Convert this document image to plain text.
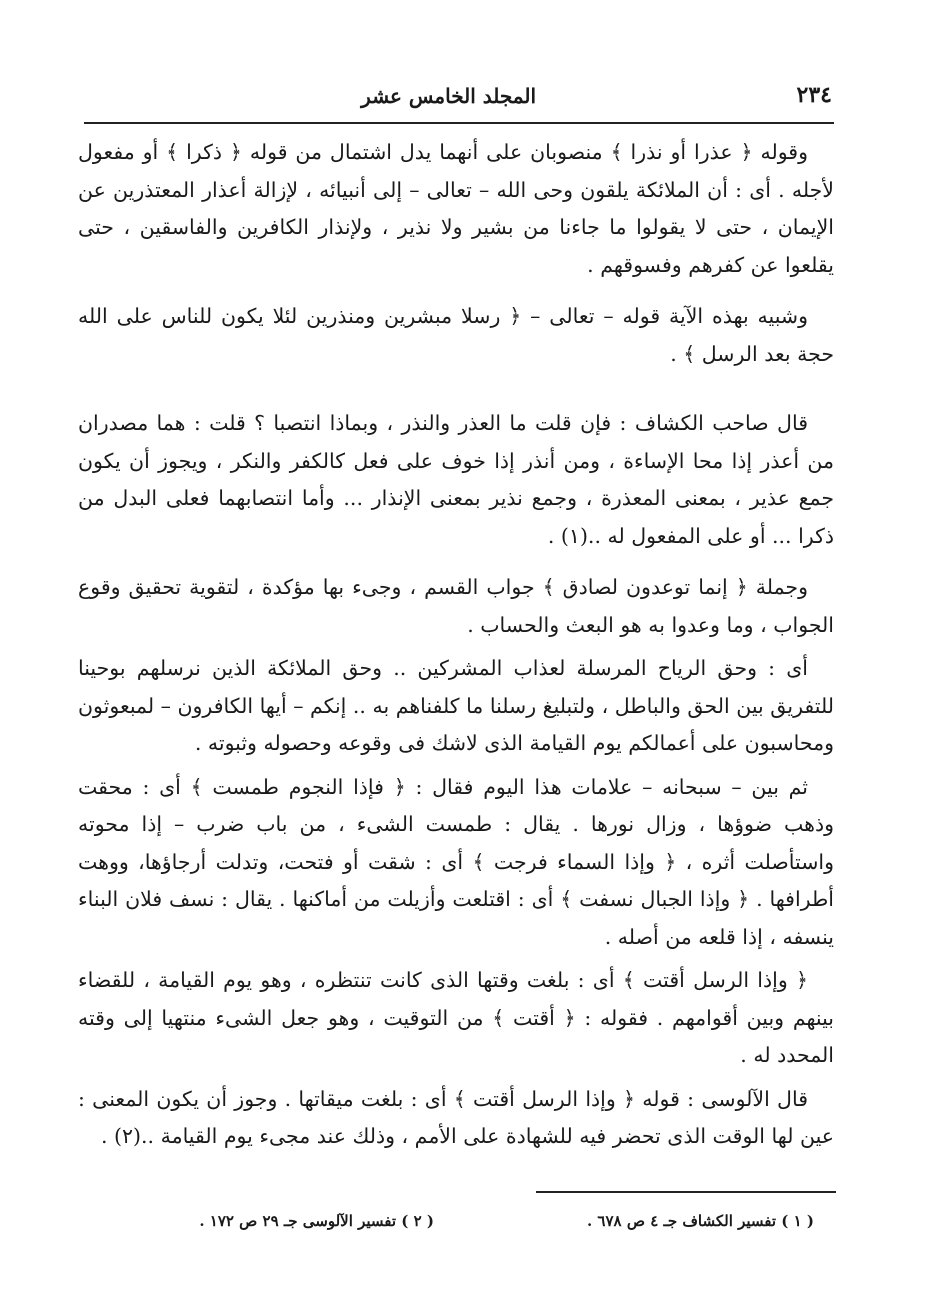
٢٣٤
المجلد الخامس عشر

وقوله ﴿ عذرا أو نذرا ﴾ منصوبان على أنهما يدل اشتمال من قوله ﴿ ذكرا ﴾ أو مفعول لأجله . أى : أن الملائكة يلقون وحى الله – تعالى – إلى أنبيائه ، لإزالة أعذار المعتذرين عن الإيمان ، حتى لا يقولوا ما جاءنا من بشير ولا نذير ، ولإنذار الكافرين والفاسقين ، حتى يقلعوا عن كفرهم وفسوقهم .

وشبيه بهذه الآية قوله – تعالى – ﴿ رسلا مبشرين ومنذرين لئلا يكون للناس على الله حجة بعد الرسل ﴾ .

قال صاحب الكشاف : فإن قلت ما العذر والنذر ، وبماذا انتصبا ؟ قلت : هما مصدران من أعذر إذا محا الإساءة ، ومن أنذر إذا خوف على فعل كالكفر والنكر ، ويجوز أن يكون جمع عذير ، بمعنى المعذرة ، وجمع نذير بمعنى الإنذار ... وأما انتصابهما فعلى البدل من ذكرا ... أو على المفعول له ..(١) .

وجملة ﴿ إنما توعدون لصادق ﴾ جواب القسم ، وجىء بها مؤكدة ، لتقوية تحقيق وقوع الجواب ، وما وعدوا به هو البعث والحساب .

أى : وحق الرياح المرسلة لعذاب المشركين .. وحق الملائكة الذين نرسلهم بوحينا للتفريق بين الحق والباطل ، ولتبليغ رسلنا ما كلفناهم به .. إنكم – أيها الكافرون – لمبعوثون ومحاسبون على أعمالكم يوم القيامة الذى لاشك فى وقوعه وحصوله وثبوته .

ثم بين – سبحانه – علامات هذا اليوم فقال : ﴿ فإذا النجوم طمست ﴾ أى : محقت وذهب ضوؤها ، وزال نورها . يقال : طمست الشىء ، من باب ضرب – إذا محوته واستأصلت أثره ، ﴿ وإذا السماء فرجت ﴾ أى : شقت أو فتحت، وتدلت أرجاؤها، ووهت أطرافها . ﴿ وإذا الجبال نسفت ﴾ أى : اقتلعت وأزيلت من أماكنها . يقال : نسف فلان البناء ينسفه ، إذا قلعه من أصله .

﴿ وإذا الرسل أقتت ﴾ أى : بلغت وقتها الذى كانت تنتظره ، وهو يوم القيامة ، للقضاء بينهم وبين أقوامهم . فقوله : ﴿ أقتت ﴾ من التوقيت ، وهو جعل الشىء منتهيا إلى وقته المحدد له .

قال الآلوسى : قوله ﴿ وإذا الرسل أقتت ﴾ أى : بلغت ميقاتها . وجوز أن يكون المعنى : عين لها الوقت الذى تحضر فيه للشهادة على الأمم ، وذلك عند مجىء يوم القيامة ..(٢) .

( ١ ) تفسير الكشاف جـ ٤ ص ٦٧٨ .
( ٢ ) تفسير الآلوسى جـ ٢٩ ص ١٧٢ .
